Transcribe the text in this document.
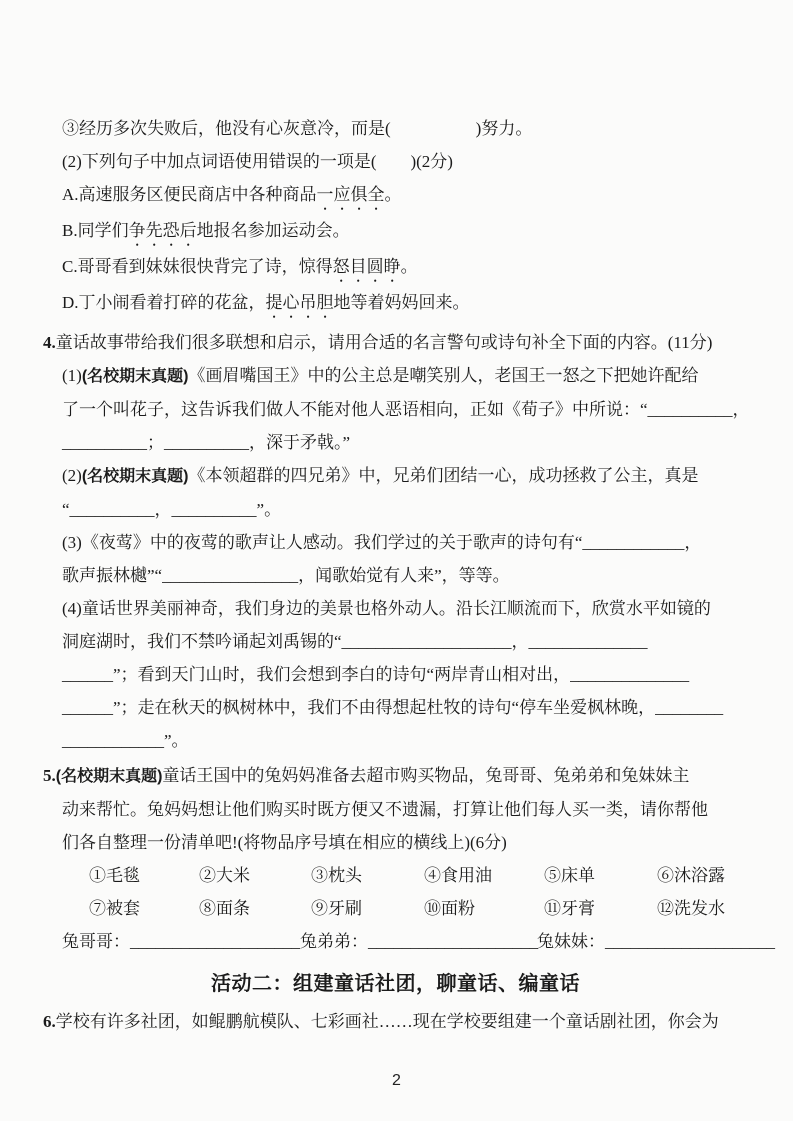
③经历多次失败后，他没有心灰意冷，而是(　　　　　)努力。
(2)下列句子中加点词语使用错误的一项是(　　)(2分)
A.高速服务区便民商店中各种商品一应俱全。
B.同学们争先恐后地报名参加运动会。
C.哥哥看到妹妹很快背完了诗，惊得怒目圆睁。
D.丁小闹看着打碎的花盆，提心吊胆地等着妈妈回来。
4.童话故事带给我们很多联想和启示，请用合适的名言警句或诗句补全下面的内容。(11分)
(1)(名校期末真题)《画眉嘴国王》中的公主总是嘲笑别人，老国王一怒之下把她许配给
了一个叫花子，这告诉我们做人不能对他人恶语相向，正如《荀子》中所说：“__________，
__________；__________，深于矛戟。”
(2)(名校期末真题)《本领超群的四兄弟》中，兄弟们团结一心，成功拯救了公主，真是
“__________，__________”。
(3)《夜莺》中的夜莺的歌声让人感动。我们学过的关于歌声的诗句有“____________，
歌声振林樾”“________________，闻歌始觉有人来”，等等。
(4)童话世界美丽神奇，我们身边的美景也格外动人。沿长江顺流而下，欣赏水平如镜的
洞庭湖时，我们不禁吟诵起刘禹锡的“____________________，______________
______”；看到天门山时，我们会想到李白的诗句“两岸青山相对出，______________
______”；走在秋天的枫树林中，我们不由得想起杜牧的诗句“停车坐爱枫林晚，________
____________”。
5.(名校期末真题)童话王国中的兔妈妈准备去超市购买物品，兔哥哥、兔弟弟和兔妹妹主
动来帮忙。兔妈妈想让他们购买时既方便又不遗漏，打算让他们每人买一类，请你帮他
们各自整理一份清单吧!(将物品序号填在相应的横线上)(6分)
①毛毯	②大米	③枕头	④食用油	⑤床单	⑥沐浴露
⑦被套	⑧面条	⑨牙刷	⑩面粉	⑪牙膏	⑫洗发水
兔哥哥：____________________ 兔弟弟：____________________ 兔妹妹：____________________
活动二：组建童话社团，聊童话、编童话
6.学校有许多社团，如鲲鹏航模队、七彩画社……现在学校要组建一个童话剧社团，你会为
2
